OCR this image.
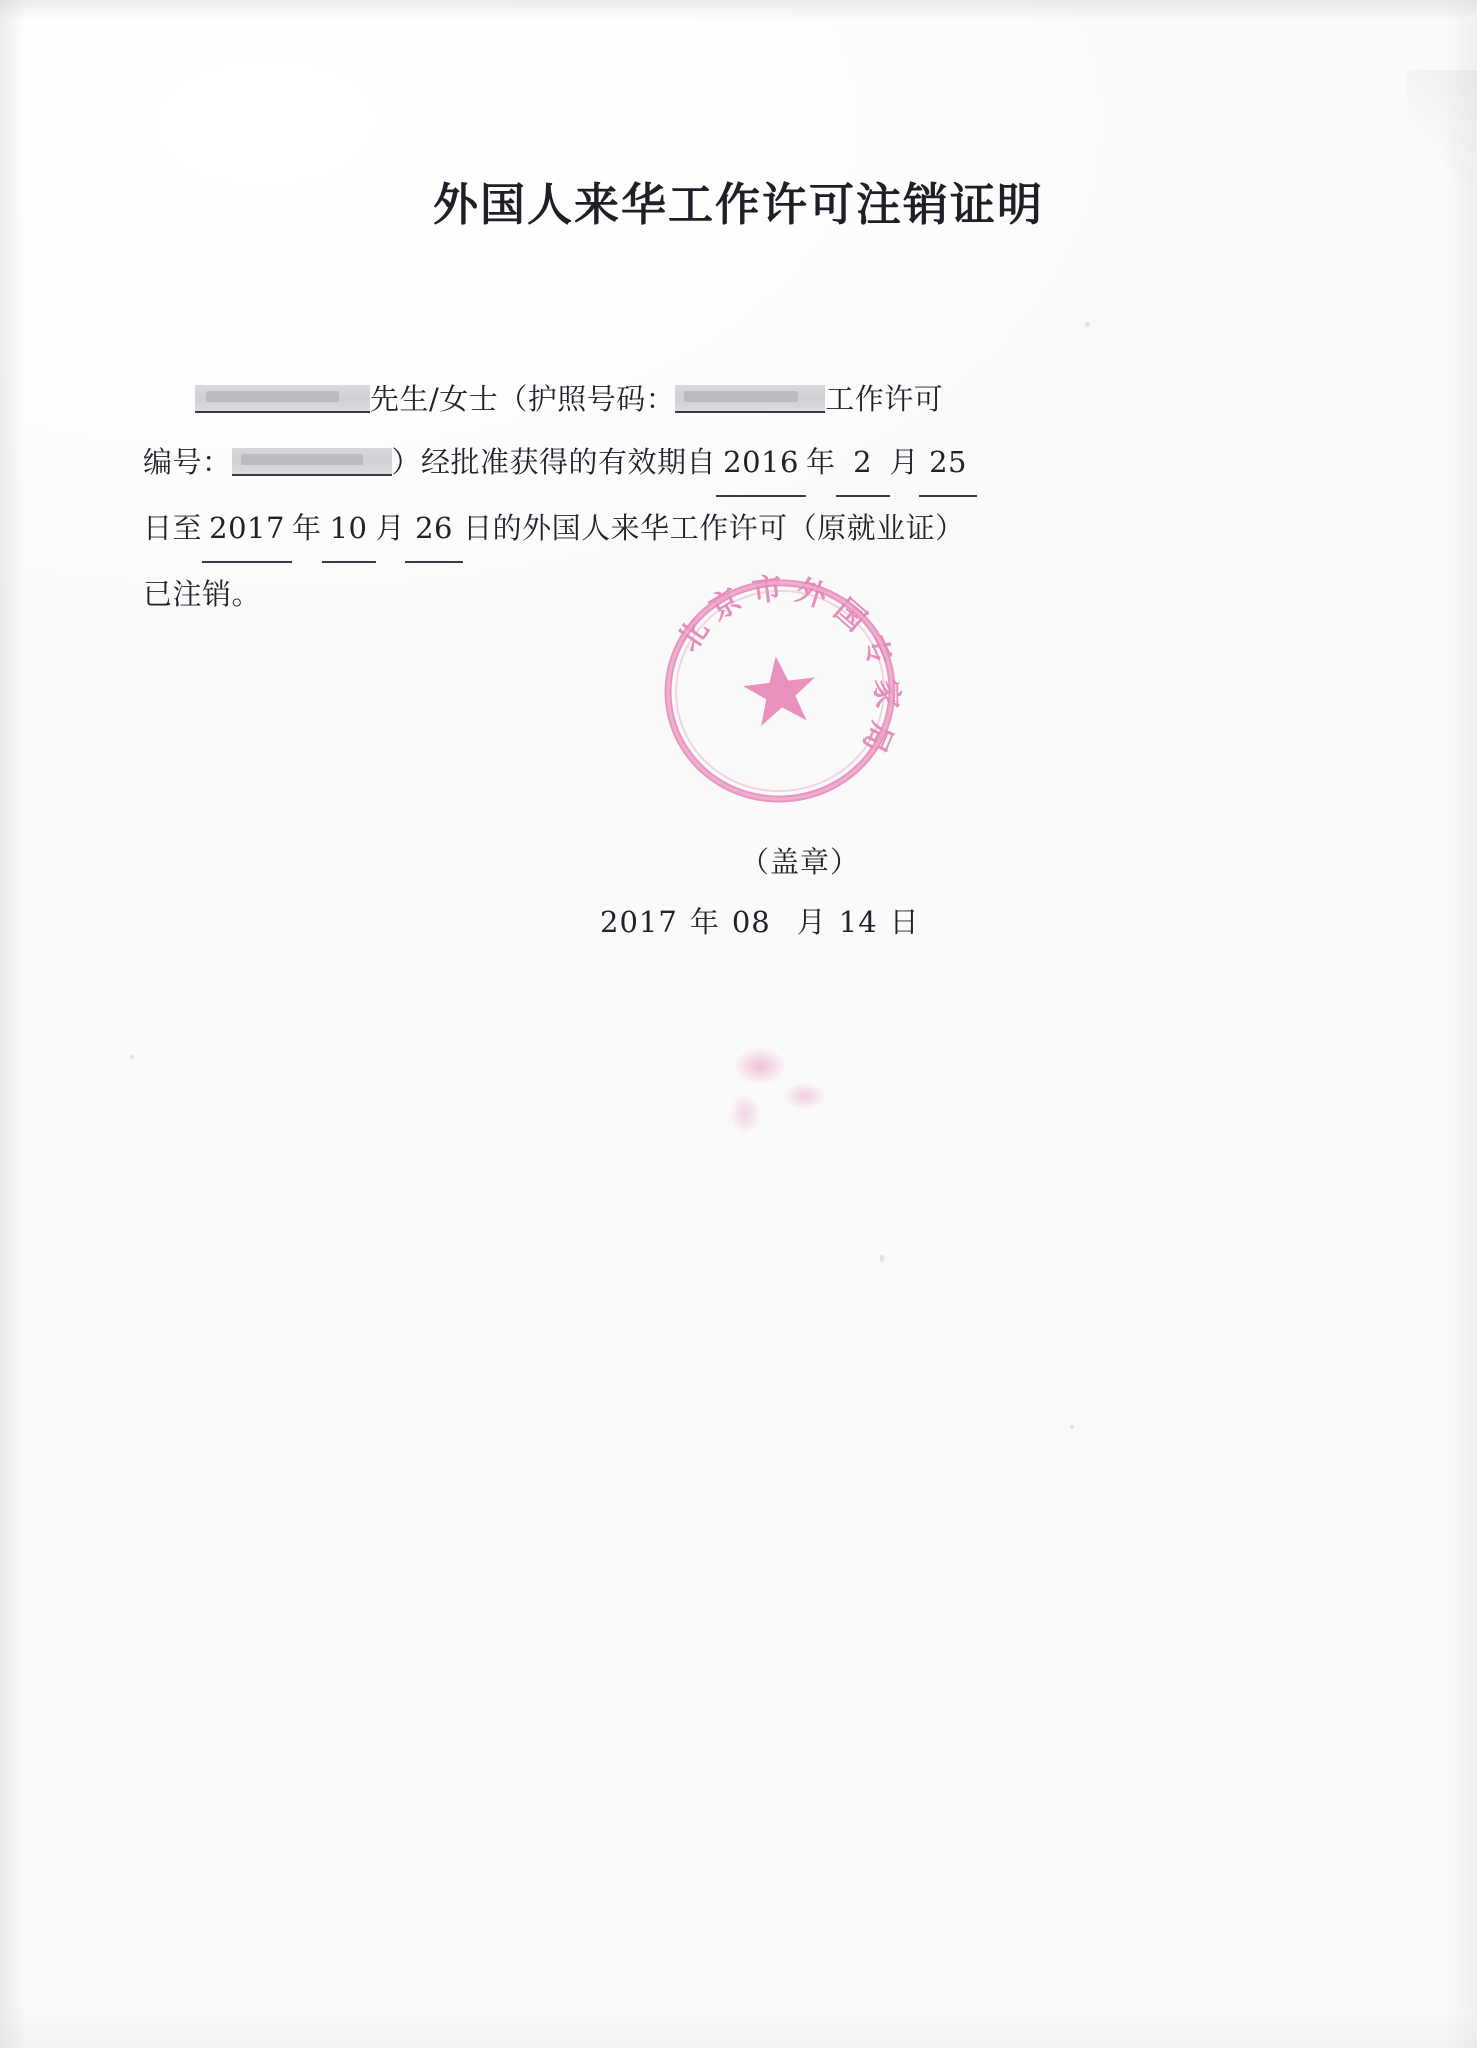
外国人来华工作许可注销证明
先生/女士（护照号码：	工作许可
编号：	）经批准获得的有效期自 2016 年 2 月 25
日至 2017 年 10 月 26 日的外国人来华工作许可（原就业证）
已注销。
北 京 市 外 国 专 家 局
（盖章）
2017 年 08 月 14 日
